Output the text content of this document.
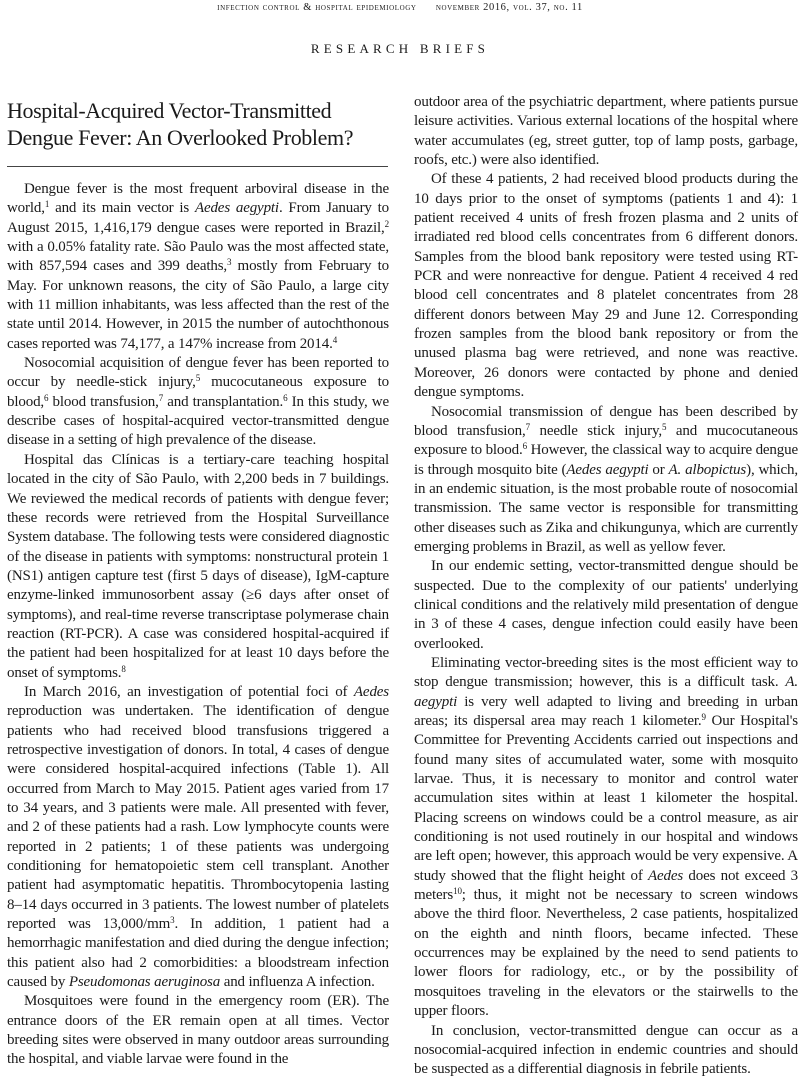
infection control & hospital epidemiology november 2016, vol. 37, no. 11
RESEARCH BRIEFS
Hospital-Acquired Vector-Transmitted Dengue Fever: An Overlooked Problem?

Dengue fever is the most frequent arboviral disease in the world,$^1$ and its main vector is Aedes aegypti. From January to August 2015, 1,416,179 dengue cases were reported in Brazil,$^2$ with a 0.05% fatality rate. São Paulo was the most affected state, with 857,594 cases and 399 deaths,$^3$ mostly from February to May. For unknown reasons, the city of São Paulo, a large city with 11 million inhabitants, was less affected than the rest of the state until 2014. However, in 2015 the number of autochthonous cases reported was 74,177, a 147% increase from 2014.$^4$

Nosocomial acquisition of dengue fever has been reported to occur by needle-stick injury,$^5$ mucocutaneous exposure to blood,$^6$ blood transfusion,$^7$ and transplantation.$^6$ In this study, we describe cases of hospital-acquired vector-transmitted dengue disease in a setting of high prevalence of the disease.

Hospital das Clínicas is a tertiary-care teaching hospital located in the city of São Paulo, with 2,200 beds in 7 buildings. We reviewed the medical records of patients with dengue fever; these records were retrieved from the Hospital Surveillance System database. The following tests were considered diagnostic of the disease in patients with symptoms: nonstructural protein 1 (NS1) antigen capture test (first 5 days of disease), IgM-capture enzyme-linked immunosorbent assay (≥6 days after onset of symptoms), and real-time reverse transcriptase polymerase chain reaction (RT-PCR). A case was considered hospital-acquired if the patient had been hospitalized for at least 10 days before the onset of symptoms.$^8$

In March 2016, an investigation of potential foci of Aedes reproduction was undertaken. The identification of dengue patients who had received blood transfusions triggered a retrospective investigation of donors. In total, 4 cases of dengue were considered hospital-acquired infections (Table 1). All occurred from March to May 2015. Patient ages varied from 17 to 34 years, and 3 patients were male. All presented with fever, and 2 of these patients had a rash. Low lymphocyte counts were reported in 2 patients; 1 of these patients was undergoing conditioning for hematopoietic stem cell transplant. Another patient had asymptomatic hepatitis. Thrombocytopenia lasting 8–14 days occurred in 3 patients. The lowest number of platelets reported was $13,000/mm^3$. In addition, 1 patient had a hemorrhagic manifestation and died during the dengue infection; this patient also had 2 comorbidities: a bloodstream infection caused by Pseudomonas aeruginosa and influenza A infection.

Mosquitoes were found in the emergency room (ER). The entrance doors of the ER remain open at all times. Vector breeding sites were observed in many outdoor areas surrounding the hospital, and viable larvae were found in the

outdoor area of the psychiatric department, where patients pursue leisure activities. Various external locations of the hospital where water accumulates (eg, street gutter, top of lamp posts, garbage, roofs, etc.) were also identified.

Of these 4 patients, 2 had received blood products during the 10 days prior to the onset of symptoms (patients 1 and 4): 1 patient received 4 units of fresh frozen plasma and 2 units of irradiated red blood cells concentrates from 6 different donors. Samples from the blood bank repository were tested using RT-PCR and were nonreactive for dengue. Patient 4 received 4 red blood cell concentrates and 8 platelet concentrates from 28 different donors between May 29 and June 12. Corresponding frozen samples from the blood bank repository or from the unused plasma bag were retrieved, and none was reactive. Moreover, 26 donors were contacted by phone and denied dengue symptoms.

Nosocomial transmission of dengue has been described by blood transfusion,$^7$ needle stick injury,$^5$ and mucocutaneous exposure to blood.$^6$ However, the classical way to acquire dengue is through mosquito bite (Aedes aegypti or A. albopictus), which, in an endemic situation, is the most probable route of nosocomial transmission. The same vector is responsible for transmitting other diseases such as Zika and chikungunya, which are currently emerging problems in Brazil, as well as yellow fever.

In our endemic setting, vector-transmitted dengue should be suspected. Due to the complexity of our patients' underlying clinical conditions and the relatively mild presentation of dengue in 3 of these 4 cases, dengue infection could easily have been overlooked.

Eliminating vector-breeding sites is the most efficient way to stop dengue transmission; however, this is a difficult task. A. aegypti is very well adapted to living and breeding in urban areas; its dispersal area may reach 1 kilometer.$^9$ Our Hospital's Committee for Preventing Accidents carried out inspections and found many sites of accumulated water, some with mosquito larvae. Thus, it is necessary to monitor and control water accumulation sites within at least 1 kilometer the hospital. Placing screens on windows could be a control measure, as air conditioning is not used routinely in our hospital and windows are left open; however, this approach would be very expensive. A study showed that the flight height of Aedes does not exceed 3 meters$^{10}$; thus, it might not be necessary to screen windows above the third floor. Nevertheless, 2 case patients, hospitalized on the eighth and ninth floors, became infected. These occurrences may be explained by the need to send patients to lower floors for radiology, etc., or by the possibility of mosquitoes traveling in the elevators or the stairwells to the upper floors.

In conclusion, vector-transmitted dengue can occur as a nosocomial-acquired infection in endemic countries and should be suspected as a differential diagnosis in febrile patients.
